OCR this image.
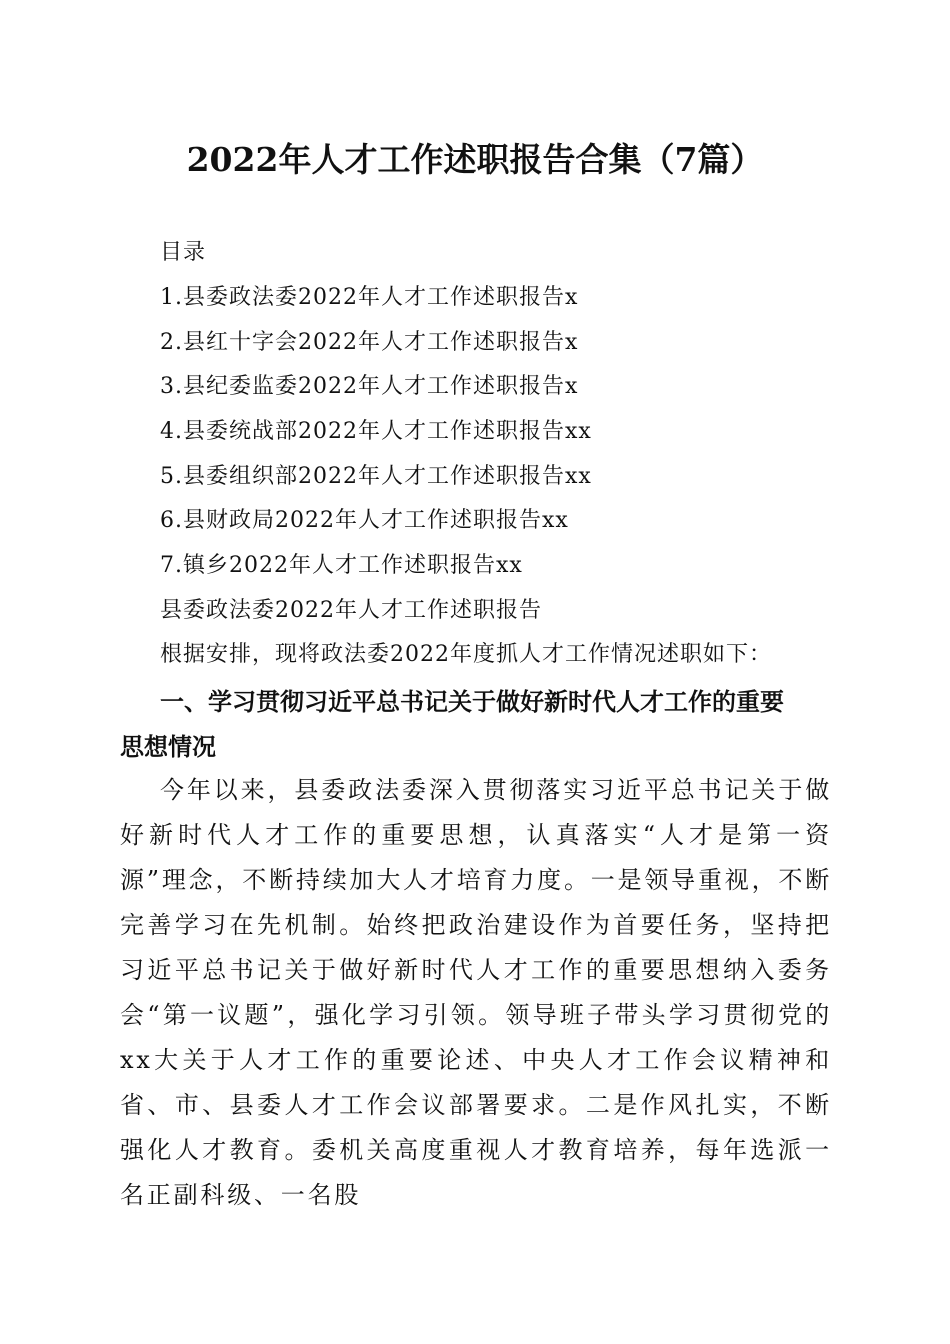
2022年人才工作述职报告合集（7篇）
目录
1.县委政法委2022年人才工作述职报告x
2.县红十字会2022年人才工作述职报告x
3.县纪委监委2022年人才工作述职报告x
4.县委统战部2022年人才工作述职报告xx
5.县委组织部2022年人才工作述职报告xx
6.县财政局2022年人才工作述职报告xx
7.镇乡2022年人才工作述职报告xx
县委政法委2022年人才工作述职报告
根据安排，现将政法委2022年度抓人才工作情况述职如下：
一、学习贯彻习近平总书记关于做好新时代人才工作的重要
思想情况
今年以来，县委政法委深入贯彻落实习近平总书记关于做好新时代人才工作的重要思想，认真落实“人才是第一资源”理念，不断持续加大人才培育力度。一是领导重视，不断完善学习在先机制。始终把政治建设作为首要任务，坚持把习近平总书记关于做好新时代人才工作的重要思想纳入委务会“第一议题”，强化学习引领。领导班子带头学习贯彻党的xx大关于人才工作的重要论述、中央人才工作会议精神和省、市、县委人才工作会议部署要求。二是作风扎实，不断强化人才教育。委机关高度重视人才教育培养，每年选派一名正副科级、一名股
